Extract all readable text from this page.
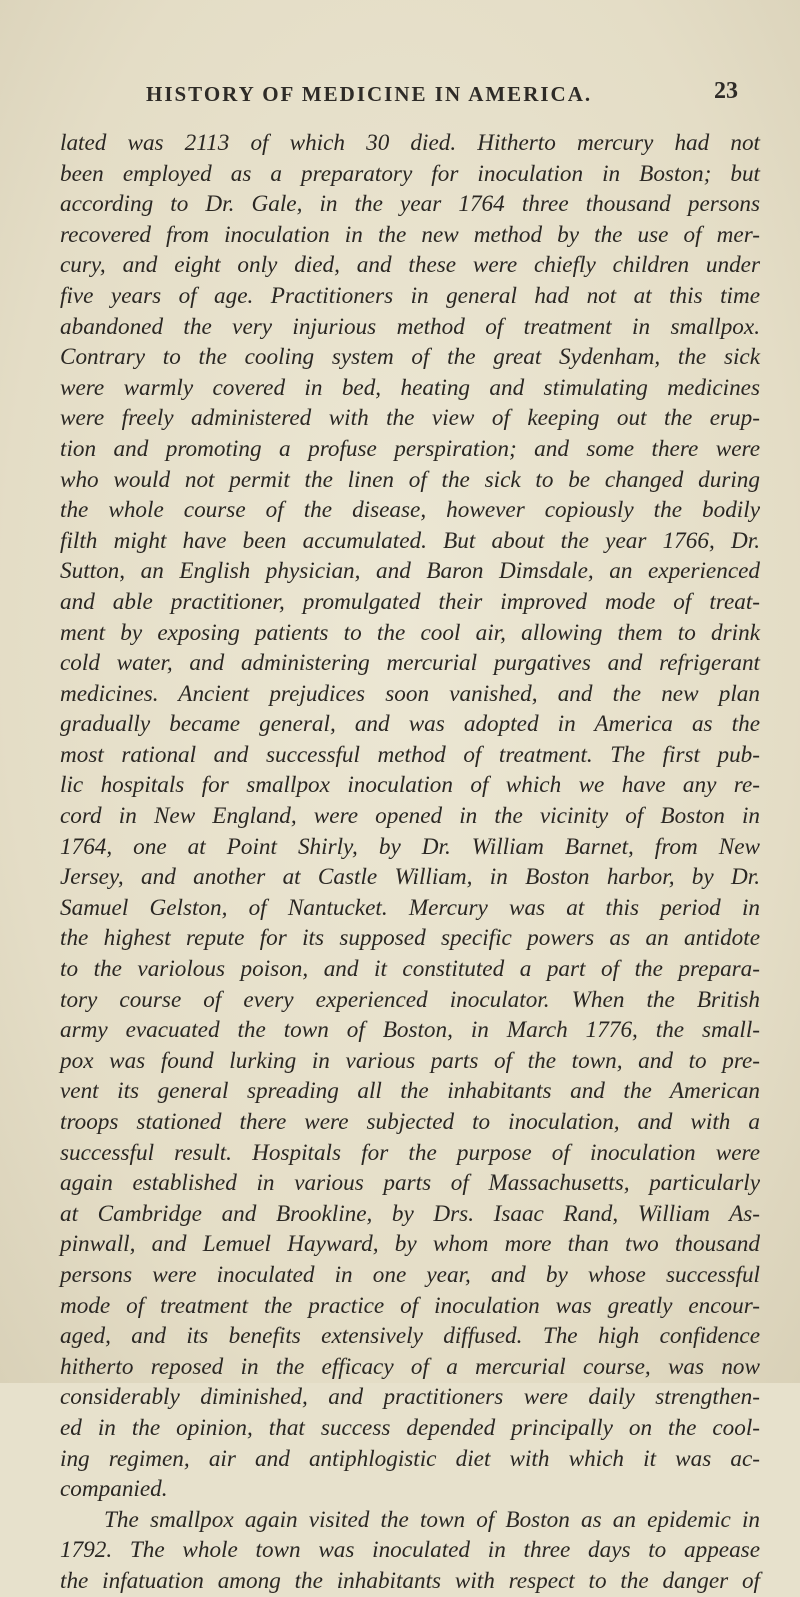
HISTORY OF MEDICINE IN AMERICA.	23
lated was 2113 of which 30 died. Hitherto mercury had not
been employed as a preparatory for inoculation in Boston; but
according to Dr. Gale, in the year 1764 three thousand persons
recovered from inoculation in the new method by the use of mer-
cury, and eight only died, and these were chiefly children under
five years of age. Practitioners in general had not at this time
abandoned the very injurious method of treatment in smallpox.
Contrary to the cooling system of the great Sydenham, the sick
were warmly covered in bed, heating and stimulating medicines
were freely administered with the view of keeping out the erup-
tion and promoting a profuse perspiration; and some there were
who would not permit the linen of the sick to be changed during
the whole course of the disease, however copiously the bodily
filth might have been accumulated. But about the year 1766, Dr.
Sutton, an English physician, and Baron Dimsdale, an experienced
and able practitioner, promulgated their improved mode of treat-
ment by exposing patients to the cool air, allowing them to drink
cold water, and administering mercurial purgatives and refrigerant
medicines. Ancient prejudices soon vanished, and the new plan
gradually became general, and was adopted in America as the
most rational and successful method of treatment. The first pub-
lic hospitals for smallpox inoculation of which we have any re-
cord in New England, were opened in the vicinity of Boston in
1764, one at Point Shirly, by Dr. William Barnet, from New
Jersey, and another at Castle William, in Boston harbor, by Dr.
Samuel Gelston, of Nantucket. Mercury was at this period in
the highest repute for its supposed specific powers as an antidote
to the variolous poison, and it constituted a part of the prepara-
tory course of every experienced inoculator. When the British
army evacuated the town of Boston, in March 1776, the small-
pox was found lurking in various parts of the town, and to pre-
vent its general spreading all the inhabitants and the American
troops stationed there were subjected to inoculation, and with a
successful result. Hospitals for the purpose of inoculation were
again established in various parts of Massachusetts, particularly
at Cambridge and Brookline, by Drs. Isaac Rand, William As-
pinwall, and Lemuel Hayward, by whom more than two thousand
persons were inoculated in one year, and by whose successful
mode of treatment the practice of inoculation was greatly encour-
aged, and its benefits extensively diffused. The high confidence
hitherto reposed in the efficacy of a mercurial course, was now
considerably diminished, and practitioners were daily strengthen-
ed in the opinion, that success depended principally on the cool-
ing regimen, air and antiphlogistic diet with which it was ac-
companied.
The smallpox again visited the town of Boston as an epidemic in
1792. The whole town was inoculated in three days to appease
the infatuation among the inhabitants with respect to the danger of
